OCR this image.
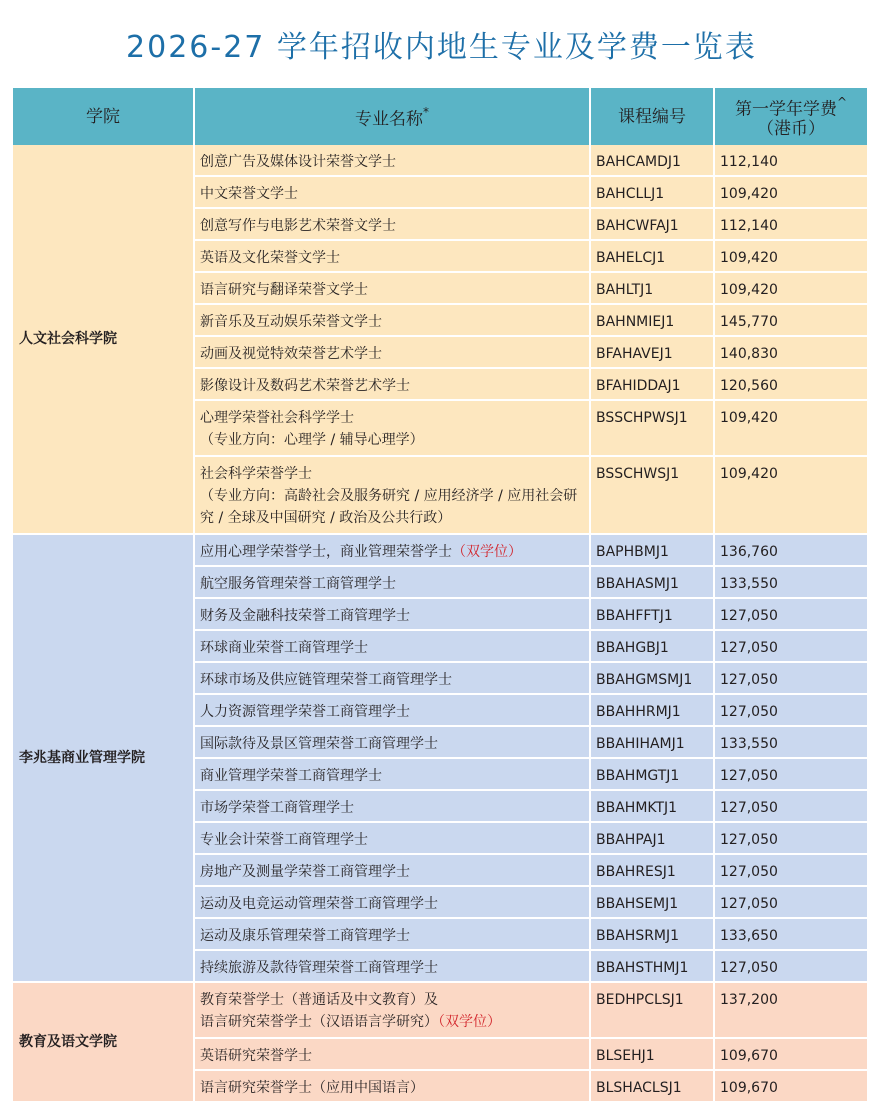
2026-27 学年招收内地生专业及学费一览表
学院	专业名称*	课程编号	第一学年学费^
（港币）
人文社会科学院	创意广告及媒体设计荣誉文学士	BAHCAMDJ1	112,140
	中文荣誉文学士	BAHCLLJ1	109,420
	创意写作与电影艺术荣誉文学士	BAHCWFAJ1	112,140
	英语及文化荣誉文学士	BAHELCJ1	109,420
	语言研究与翻译荣誉文学士	BAHLTJ1	109,420
	新音乐及互动娱乐荣誉文学士	BAHNMIEJ1	145,770
	动画及视觉特效荣誉艺术学士	BFAHAVEJ1	140,830
	影像设计及数码艺术荣誉艺术学士	BFAHIDDAJ1	120,560
	心理学荣誉社会科学学士
（专业方向：心理学 / 辅导心理学）	BSSCHPWSJ1	109,420
	社会科学荣誉学士
（专业方向：高龄社会及服务研究 / 应用经济学 / 应用社会研究 / 全球及中国研究 / 政治及公共行政）	BSSCHWSJ1	109,420
李兆基商业管理学院	应用心理学荣誉学士，商业管理荣誉学士（双学位）	BAPHBMJ1	136,760
	航空服务管理荣誉工商管理学士	BBAHASMJ1	133,550
	财务及金融科技荣誉工商管理学士	BBAHFFTJ1	127,050
	环球商业荣誉工商管理学士	BBAHGBJ1	127,050
	环球市场及供应链管理荣誉工商管理学士	BBAHGMSMJ1	127,050
	人力资源管理学荣誉工商管理学士	BBAHHRMJ1	127,050
	国际款待及景区管理荣誉工商管理学士	BBAHIHAMJ1	133,550
	商业管理学荣誉工商管理学士	BBAHMGTJ1	127,050
	市场学荣誉工商管理学士	BBAHMKTJ1	127,050
	专业会计荣誉工商管理学士	BBAHPAJ1	127,050
	房地产及测量学荣誉工商管理学士	BBAHRESJ1	127,050
	运动及电竞运动管理荣誉工商管理学士	BBAHSEMJ1	127,050
	运动及康乐管理荣誉工商管理学士	BBAHSRMJ1	133,650
	持续旅游及款待管理荣誉工商管理学士	BBAHSTHMJ1	127,050
教育及语文学院	教育荣誉学士（普通话及中文教育）及
语言研究荣誉学士（汉语语言学研究）（双学位）	BEDHPCLSJ1	137,200
	英语研究荣誉学士	BLSEHJ1	109,670
	语言研究荣誉学士（应用中国语言）	BLSHACLSJ1	109,670
